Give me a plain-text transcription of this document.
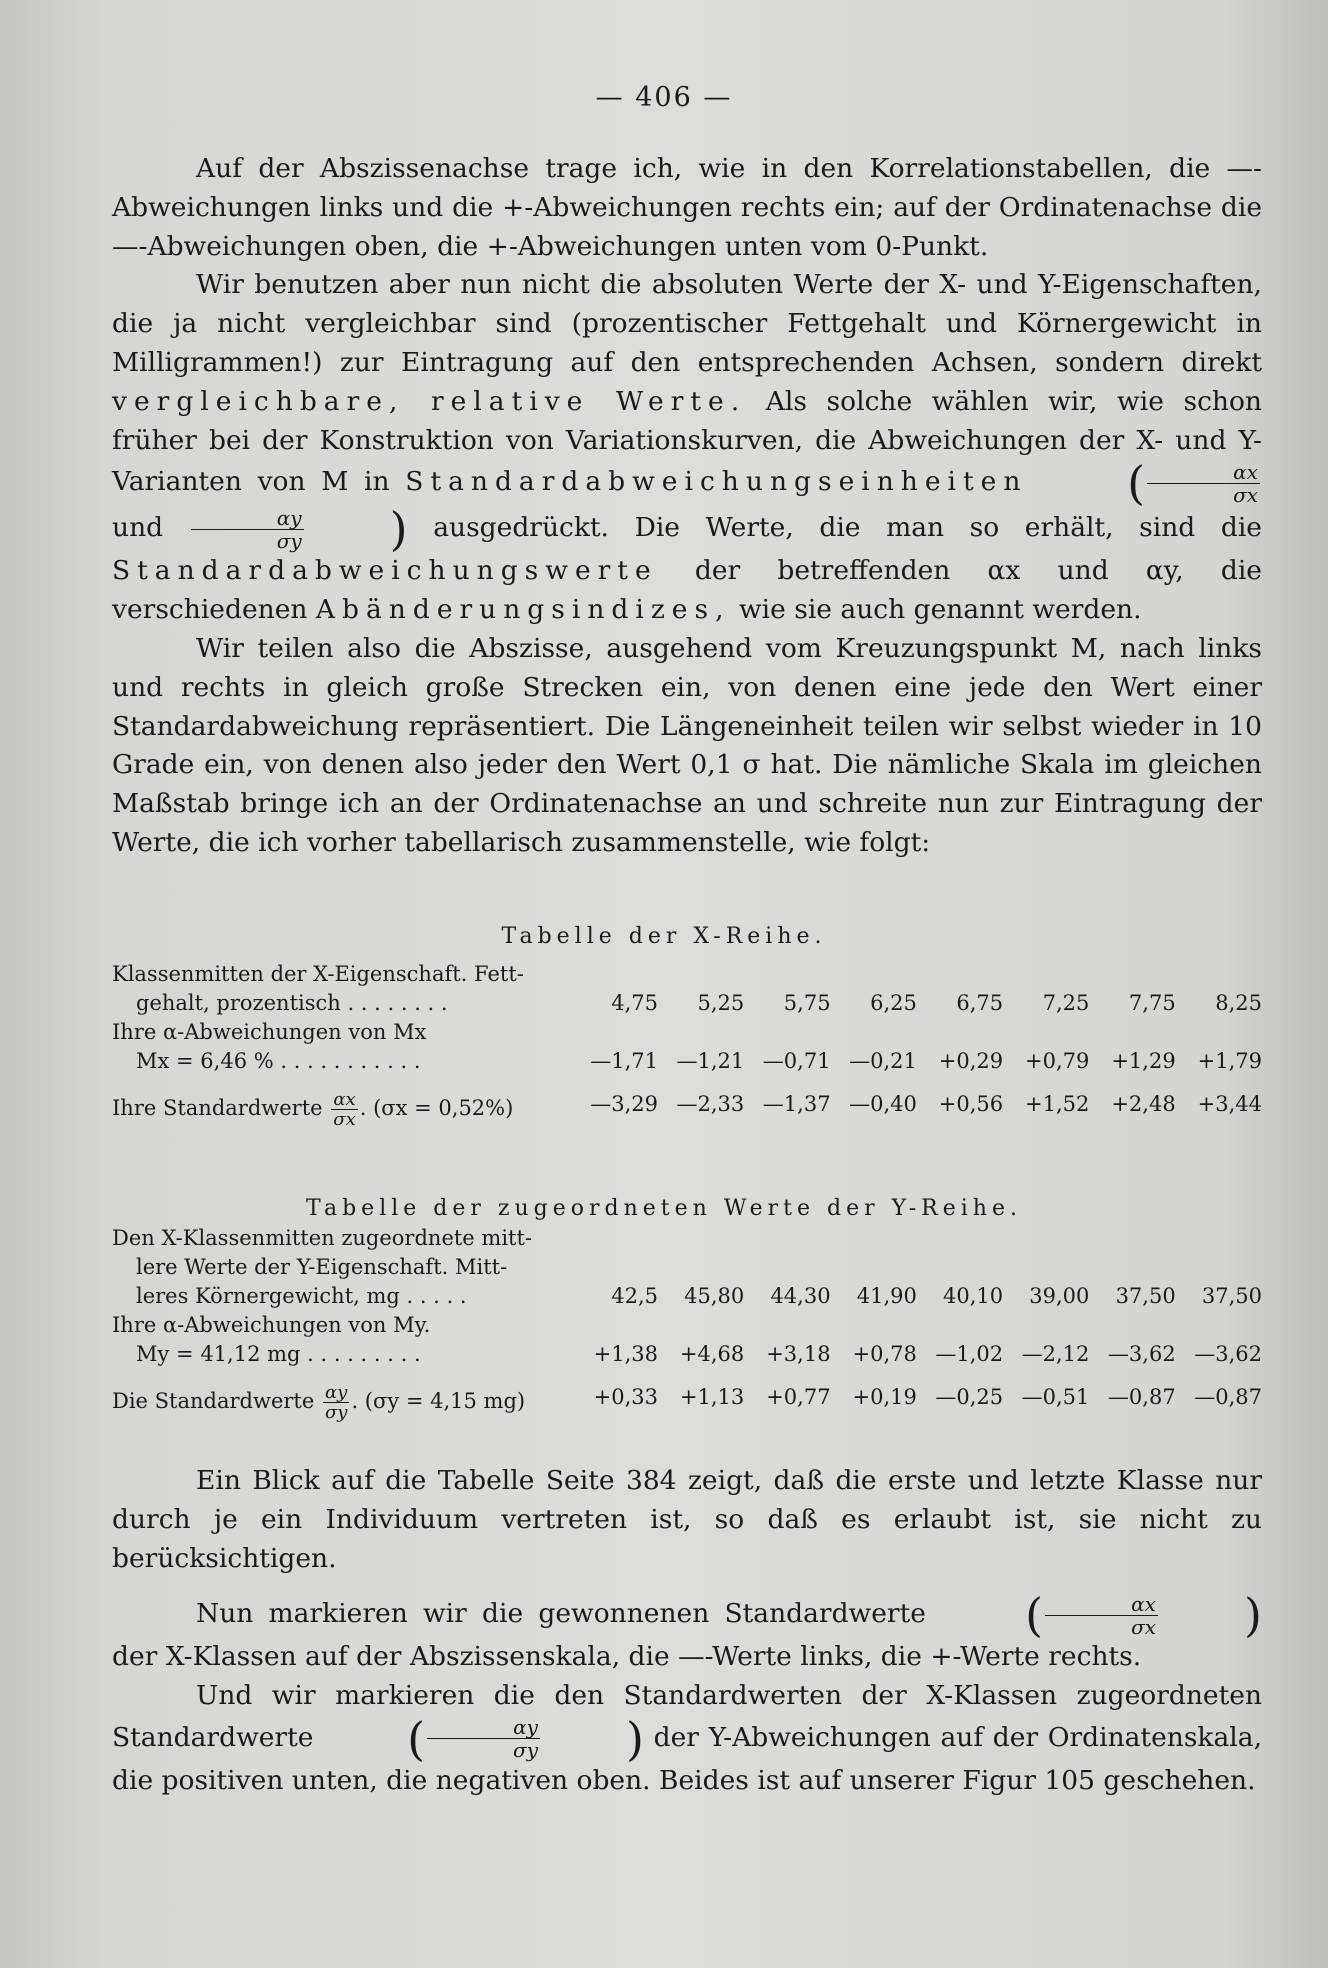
— 406 —

Auf der Abszissenachse trage ich, wie in den Korrelationstabellen, die —-Abweichungen links und die +-Abweichungen rechts ein; auf der Ordinatenachse die —-Abweichungen oben, die +-Abweichungen unten vom 0-Punkt.

Wir benutzen aber nun nicht die absoluten Werte der X- und Y-Eigenschaften, die ja nicht vergleichbar sind (prozentischer Fettgehalt und Körnergewicht in Milligrammen!) zur Eintragung auf den entsprechenden Achsen, sondern direkt vergleichbare, relative Werte. Als solche wählen wir, wie schon früher bei der Konstruktion von Variationskurven, die Abweichungen der X- und Y-Varianten von M in Standardabweichungseinheiten ( $\frac{\alpha x}{\sigma x}$
und $\frac{\alpha y}{\sigma y}$ ) ausgedrückt. Die Werte, die man so erhält, sind die Standardabweichungswerte der betreffenden αx und αy, die verschiedenen Abänderungsindizes, wie sie auch genannt werden.

Wir teilen also die Abszisse, ausgehend vom Kreuzungspunkt M, nach links und rechts in gleich große Strecken ein, von denen eine jede den Wert einer Standardabweichung repräsentiert. Die Längeneinheit teilen wir selbst wieder in 10 Grade ein, von denen also jeder den Wert 0,1 σ hat. Die nämliche Skala im gleichen Maßstab bringe ich an der Ordinatenachse an und schreite nun zur Eintragung der Werte, die ich vorher tabellarisch zusammenstelle, wie folgt:

Tabelle der X-Reihe.
Klassenmitten der X-Eigenschaft. Fett-
gehalt, prozentisch . . . . . . . .	4,75	5,25	5,75	6,25	6,75	7,25	7,75	8,25
Ihre α-Abweichungen von Mx
Mx = 6,46 % . . . . . . . . . . .	—1,71 —1,21 —0,71 —0,21	+0,29	+0,79	+1,29	+1,79
Ihre Standardwerte $\frac{\alpha x}{\sigma x}$ . (σx = 0,52%)	—3,29 —2,33 —1,37 —0,40	+0,56	+1,52	+2,48	+3,44
Tabelle der zugeordneten Werte der Y-Reihe.
Den X-Klassenmitten zugeordnete mitt-
lere Werte der Y-Eigenschaft. Mitt-
leres Körnergewicht, mg . . . . .	42,5	45,80	44,30	41,90	40,10	39,00	37,50	37,50
Ihre α-Abweichungen von My.
My = 41,12 mg . . . . . . . . .	+1,38	+4,68	+3,18	+0,78 —1,02 —2,12 —3,62 —3,62
Die Standardwerte $\frac{\alpha y}{\sigma y}$ . (σy = 4,15 mg)	+0,33	+1,13	+0,77	+0,19 —0,25 —0,51 —0,87 —0,87

Ein Blick auf die Tabelle Seite 384 zeigt, daß die erste und letzte Klasse nur durch je ein Individuum vertreten ist, so daß es erlaubt ist, sie nicht zu berücksichtigen.

Nun markieren wir die gewonnenen Standardwerte ( $\frac{\alpha x}{\sigma x}$ ) der X-Klassen auf der Abszissenskala, die —-Werte links, die +-Werte rechts.

Und wir markieren die den Standardwerten der X-Klassen zugeordneten Standardwerte ( $\frac{\alpha y}{\sigma y}$ ) der Y-Abweichungen auf der Ordinatenskala, die positiven unten, die negativen oben. Beides ist auf unserer Figur 105 geschehen.
